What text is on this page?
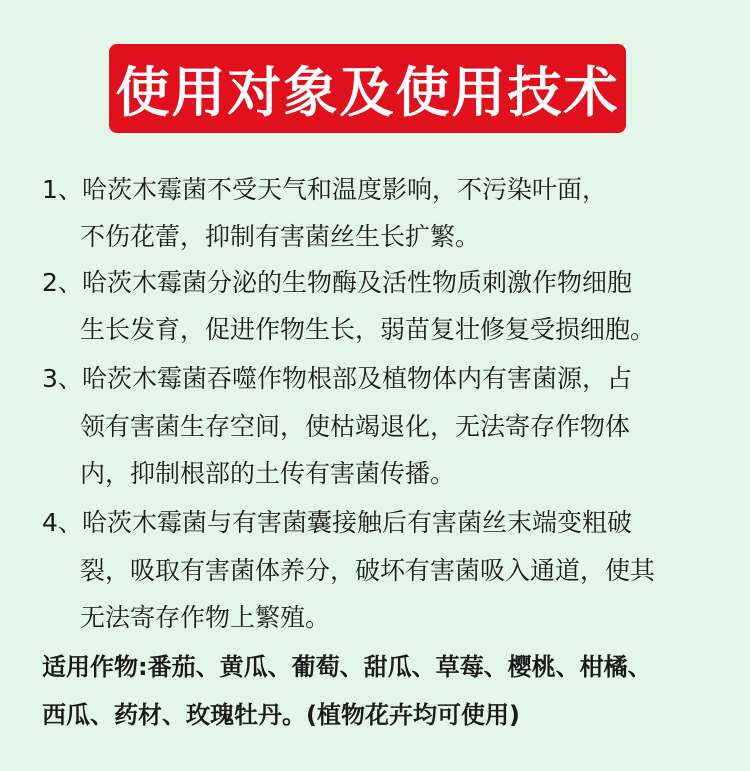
使用对象及使用技术
1、 哈茨木霉菌不受天气和温度影响，不污染叶面，
不伤花蕾，抑制有害菌丝生长扩繁。
2、 哈茨木霉菌分泌的生物酶及活性物质刺激作物细胞
生长发育，促进作物生长，弱苗复壮修复受损细胞。
3、 哈茨木霉菌吞噬作物根部及植物体内有害菌源，占
领有害菌生存空间，使枯竭退化，无法寄存作物体
内，抑制根部的土传有害菌传播。
4、 哈茨木霉菌与有害菌囊接触后有害菌丝末端变粗破
裂，吸取有害菌体养分，破坏有害菌吸入通道，使其
无法寄存作物上繁殖。
适用作物:番茄、黄瓜、葡萄、甜瓜、草莓、樱桃、柑橘、
西瓜、药材、玫瑰牡丹。(植物花卉均可使用)
